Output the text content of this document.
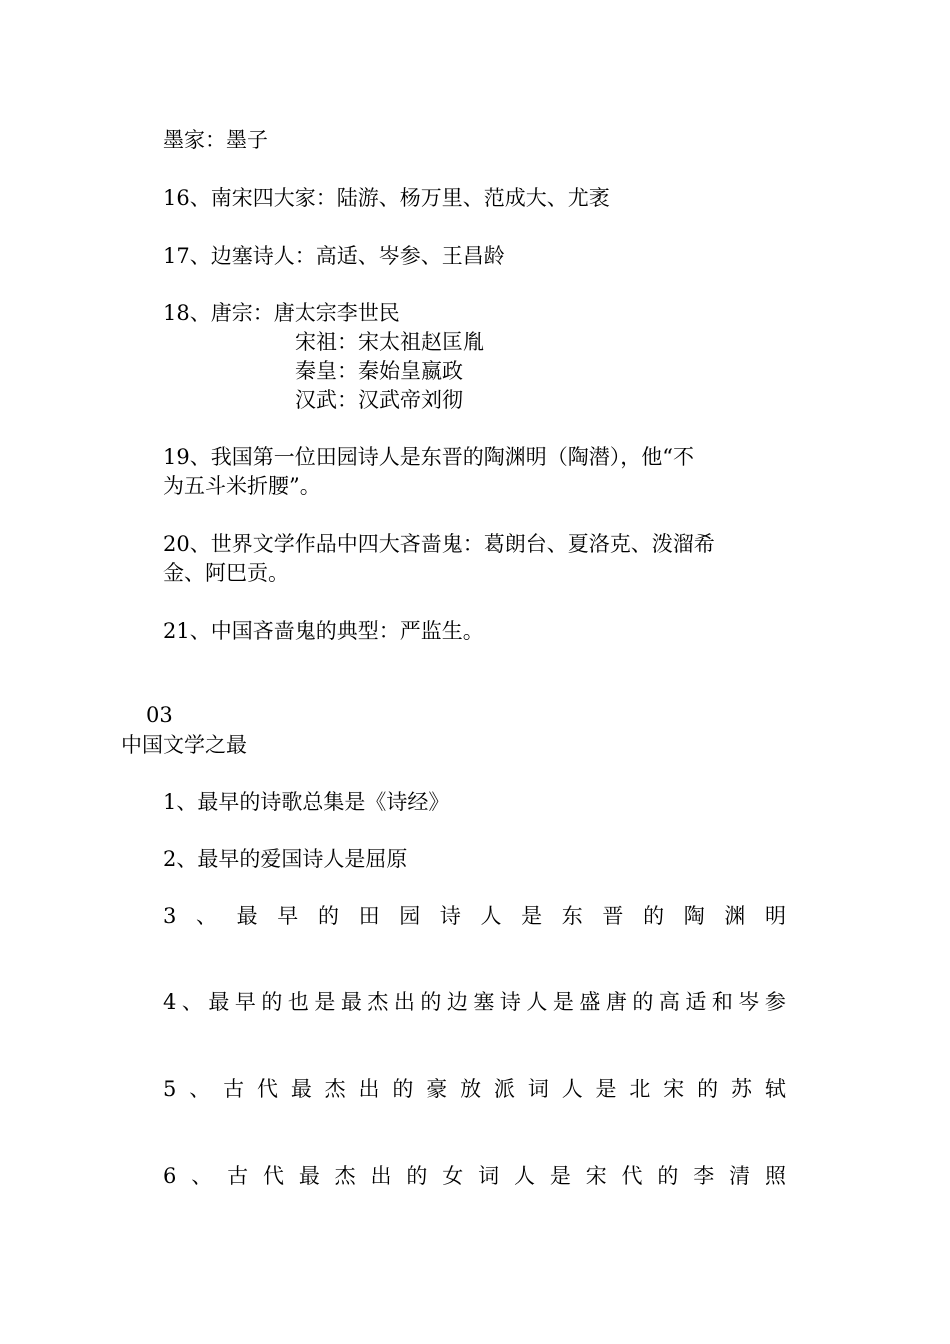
墨家：墨子
16、南宋四大家：陆游、杨万里、范成大、尤袤
17、边塞诗人：高适、岑参、王昌龄
18、唐宗：唐太宗李世民
宋祖：宋太祖赵匡胤
秦皇：秦始皇嬴政
汉武：汉武帝刘彻
19、我国第一位田园诗人是东晋的陶渊明（陶潜），他“不
为五斗米折腰”。
20、世界文学作品中四大吝啬鬼：葛朗台、夏洛克、泼溜希
金、阿巴贡。
21、中国吝啬鬼的典型：严监生。
03
中国文学之最
1、最早的诗歌总集是《诗经》
2、最早的爱国诗人是屈原
3 、 最 早 的 田 园 诗 人 是 东 晋 的 陶 渊 明
4 、 最 早 的 也 是 最 杰 出 的 边 塞 诗 人 是 盛 唐 的 高 适 和 岑 参
5 、 古 代 最 杰 出 的 豪 放 派 词 人 是 北 宋 的 苏 轼
6 、 古 代 最 杰 出 的 女 词 人 是 宋 代 的 李 清 照
